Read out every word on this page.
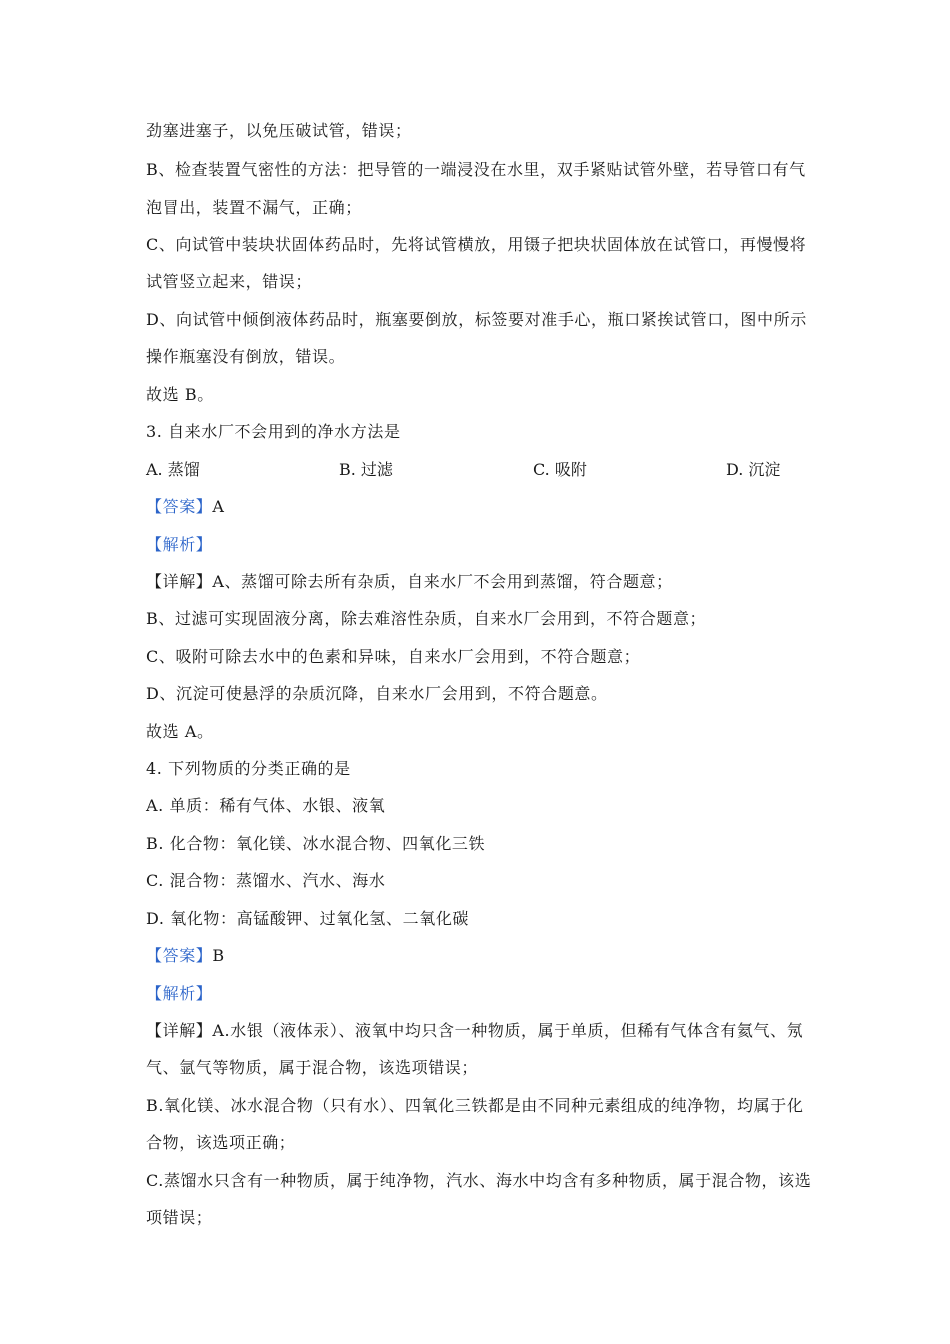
劲塞进塞子，以免压破试管，错误；
B、检查装置气密性的方法：把导管的一端浸没在水里，双手紧贴试管外壁，若导管口有气
泡冒出，装置不漏气，正确；
C、向试管中装块状固体药品时，先将试管横放，用镊子把块状固体放在试管口，再慢慢将
试管竖立起来，错误；
D、向试管中倾倒液体药品时，瓶塞要倒放，标签要对准手心，瓶口紧挨试管口，图中所示
操作瓶塞没有倒放，错误。
故选 B。
3. 自来水厂不会用到的净水方法是
A. 蒸馏	B. 过滤	C. 吸附	D. 沉淀
【答案】A
【解析】
【详解】A、蒸馏可除去所有杂质，自来水厂不会用到蒸馏，符合题意；
B、过滤可实现固液分离，除去难溶性杂质，自来水厂会用到，不符合题意；
C、吸附可除去水中的色素和异味，自来水厂会用到，不符合题意；
D、沉淀可使悬浮的杂质沉降，自来水厂会用到，不符合题意。
故选 A。
4. 下列物质的分类正确的是
A. 单质：稀有气体、水银、液氧
B. 化合物：氧化镁、冰水混合物、四氧化三铁
C. 混合物：蒸馏水、汽水、海水
D. 氧化物：高锰酸钾、过氧化氢、二氧化碳
【答案】B
【解析】
【详解】A.水银（液体汞）、液氧中均只含一种物质，属于单质，但稀有气体含有氦气、氖
气、氩气等物质，属于混合物，该选项错误；
B.氧化镁、冰水混合物（只有水）、四氧化三铁都是由不同种元素组成的纯净物，均属于化
合物，该选项正确；
C.蒸馏水只含有一种物质，属于纯净物，汽水、海水中均含有多种物质，属于混合物，该选
项错误；
